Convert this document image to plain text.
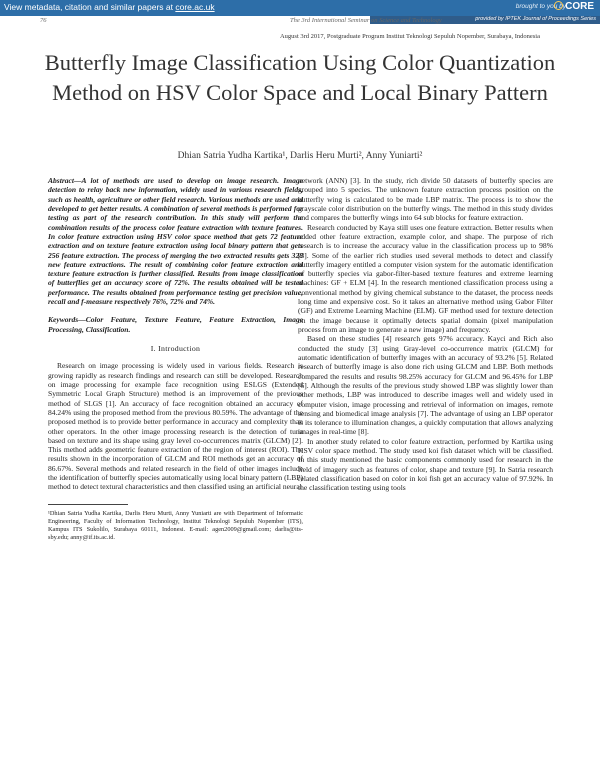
View metadata, citation and similar papers at core.ac.uk	brought to you by CORE
provided by IPTEK Journal of Proceedings Series
76	The 3rd International Seminar on Science and Technology
August 3rd 2017, Postgraduate Program Institut Teknologi Sepuluh Nopember, Surabaya, Indonesia
Butterfly Image Classification Using Color Quantization Method on HSV Color Space and Local Binary Pattern
Dhian Satria Yudha Kartika¹, Darlis Heru Murti², Anny Yuniarti²

Abstract—A lot of methods are used to develop on image research. Image detection to relay back new information, widely used in various research fields, such as health, agriculture or other field research. Various methods are used and developed to get better results. A combination of several methods is performed for testing as part of the research contribution. In this study will perform the combination results of the process color feature extraction with texture features. In color feature extraction using HSV color space method that gets 72 feature extraction and on texture feature extraction using local binary pattern that gets 256 feature extraction. The process of merging the two extracted results gets 328 new feature extractions. The result of combining color feature extraction and texture feature extraction is further classified. Results from image classification of butterflies get an accuracy score of 72%. The results obtained will be tested performance. The results obtained from performance testing get precision value, recall and f-measure respectively 76%, 72% and 74%.

Keywords—Color Feature, Texture Feature, Feature Extraction, Image Processing, Classification.

I. Introduction

Research on image processing is widely used in various fields. Research is growing rapidly as research findings and research can still be developed. Research on image processing for example face recognition using ESLGS (Extended Symmetric Local Graph Structure) method is an improvement of the previous method of SLGS [1]. An accuracy of face recognition obtained an accuracy of 84.24% using the proposed method from the previous 80.59%. The advantage of the proposed method is to provide better performance in accuracy and complexity than other operators. In the other image processing research is the detection of tuna based on texture and its shape using gray level co-occurrences matrix (GLCM) [2]. This method adds geometric feature extraction of the region of interest (ROI). The results shown in the incorporation of GLCM and ROI methods get an accuracy of 86.67%. Several methods and related research in the field of other images include the identification of butterfly species automatically using local binary pattern (LBP) method to detect textural characteristics and then classified using an artificial neural

¹Dhian Satria Yudha Kartika, Darlis Heru Murti, Anny Yuniarti are with Department of Informatic Engineering, Faculty of Information Technology, Institut Teknologi Sepuluh Nopember (ITS), Kampus ITS Sukolilo, Surabaya 60111, Indonesi. E-mail: agen2009@gmail.com; darlis@its-sby.edu; anny@if.its.ac.id.

network (ANN) [3]. In the study, rich divide 50 datasets of butterfly species are grouped into 5 species. The unknown feature extraction process position on the butterfly wing is calculated to be made LBP matrix. The process is to show the grayscale color distribution on the butterfly wings. The method in this study divides and compares the butterfly wings into 64 sub blocks for feature extraction.

Research conducted by Kaya still uses one feature extraction. Better results when added other feature extraction, example color, and shape. The purpose of rich research is to increase the accuracy value in the classification process up to 98% [3]. Some of the earlier rich studies used several methods to detect and classify butterfly imagery entitled a computer vision system for the automatic identification of butterfly species via gabor-filter-based texture features and extreme learning machines: GF + ELM [4]. In the research mentioned classification process using a conventional method by giving chemical substance to the dataset, the process needs long time and expensive cost. So it takes an alternative method using Gabor Filter (GF) and Extreme Learning Machine (ELM). GF method used for texture detection on the image because it optimally detects spatial domain (pixel manipulation process from an image to generate a new image) and frequency.

Based on these studies [4] research gets 97% accuracy. Kayci and Rich also conducted the study [3] using Gray-level co-occurrence matrix (GLCM) for automatic identification of butterfly images with an accuracy of 93.2% [5]. Related research of butterfly image is also done rich using GLCM and LBP. Both methods compared the results and results 98.25% accuracy for GLCM and 96.45% for LBP [6]. Although the results of the previous study showed LBP was slightly lower than other methods, LBP was introduced to describe images well and widely used in computer vision, image processing and retrieval of information on images, remote sensing and biomedical image analysis [7]. The advantage of using an LBP operator is its tolerance to illumination changes, a quickly computation that allows analyzing images in real-time [8].

In another study related to color feature extraction, performed by Kartika using HSV color space method. The study used koi fish dataset which will be classified. In this study mentioned the basic components commonly used for research in the field of imagery such as features of color, shape and texture [9]. In Satria research related classification based on color in koi fish get an accuracy value of 97.92%. In the classification testing using tools
